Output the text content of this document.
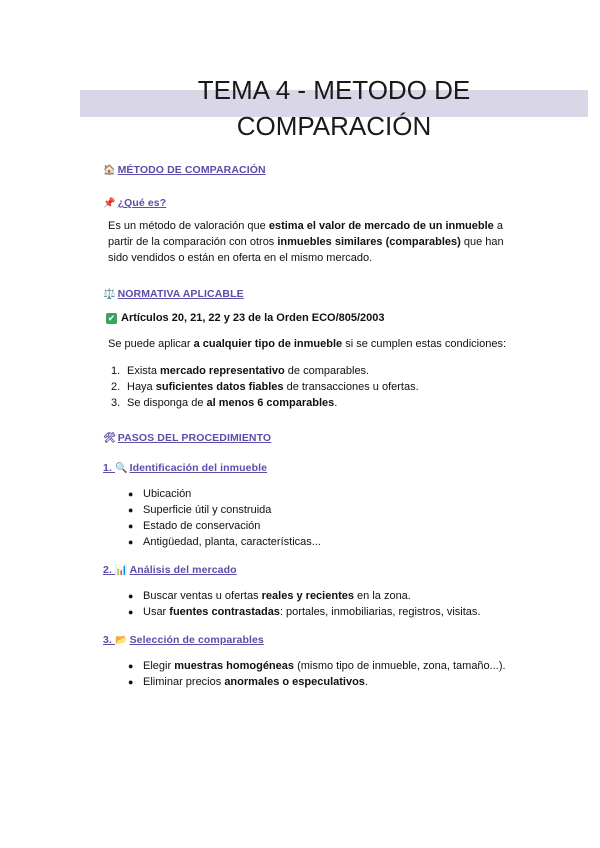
TEMA 4 - METODO DE
COMPARACIÓN
🏠 MÉTODO DE COMPARACIÓN
📌 ¿Qué es?

Es un método de valoración que estima el valor de mercado de un inmueble a partir de la comparación con otros inmuebles similares (comparables) que han sido vendidos o están en oferta en el mismo mercado.

⚖️ NORMATIVA APLICABLE
✔ Artículos 20, 21, 22 y 23 de la Orden ECO/805/2003

Se puede aplicar a cualquier tipo de inmueble si se cumplen estas condiciones:

1. Exista mercado representativo de comparables.
2. Haya suficientes datos fiables de transacciones u ofertas.
3. Se disponga de al menos 6 comparables.
🛠 PASOS DEL PROCEDIMIENTO
1. 🔍 Identificación del inmueble
● Ubicación
● Superficie útil y construida
● Estado de conservación
● Antigüedad, planta, características...
2. 📊 Análisis del mercado
● Buscar ventas u ofertas reales y recientes en la zona.
● Usar fuentes contrastadas: portales, inmobiliarias, registros, visitas.
3. 📂 Selección de comparables
● Elegir muestras homogéneas (mismo tipo de inmueble, zona, tamaño...).
● Eliminar precios anormales o especulativos.
